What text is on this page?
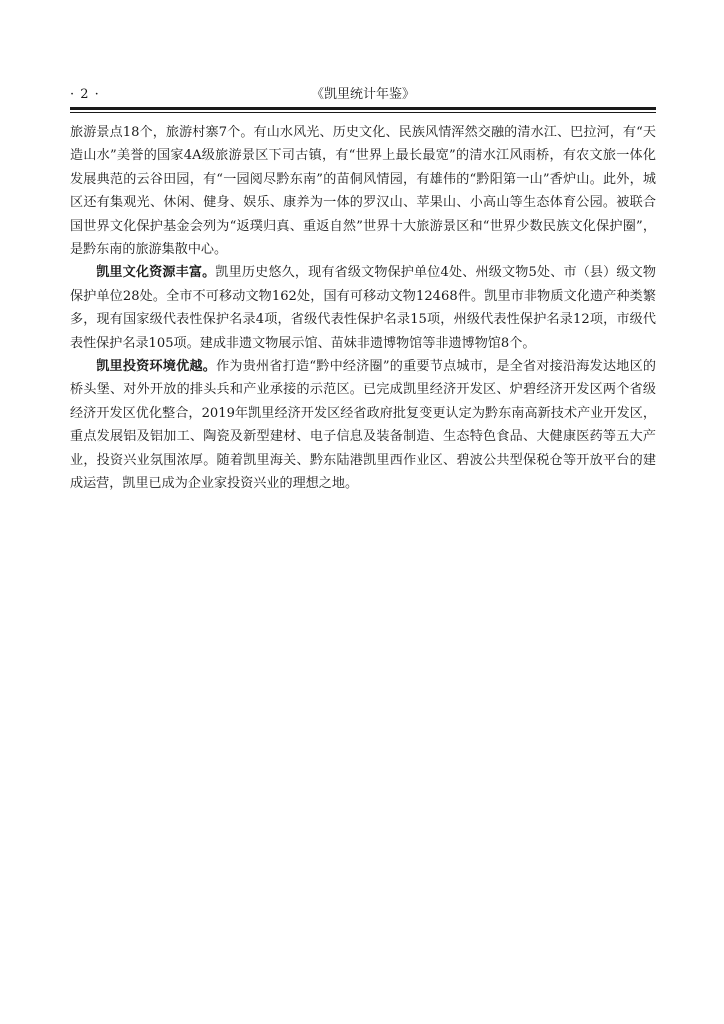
· 2 ·	《凯里统计年鉴》

旅游景点18个，旅游村寨7个。有山水风光、历史文化、民族风情浑然交融的清水江、巴拉河，有“天造山水”美誉的国家4A级旅游景区下司古镇，有“世界上最长最宽”的清水江风雨桥，有农文旅一体化发展典范的云谷田园，有“一园阅尽黔东南”的苗侗风情园，有雄伟的“黔阳第一山”香炉山。此外，城区还有集观光、休闲、健身、娱乐、康养为一体的罗汉山、苹果山、小高山等生态体育公园。被联合国世界文化保护基金会列为“返璞归真、重返自然”世界十大旅游景区和“世界少数民族文化保护圈”，是黔东南的旅游集散中心。

凯里文化资源丰富。凯里历史悠久，现有省级文物保护单位4处、州级文物5处、市（县）级文物保护单位28处。全市不可移动文物162处，国有可移动文物12468件。凯里市非物质文化遗产种类繁多，现有国家级代表性保护名录4项，省级代表性保护名录15项，州级代表性保护名录12项，市级代表性保护名录105项。建成非遗文物展示馆、苗妹非遗博物馆等非遗博物馆8个。

凯里投资环境优越。作为贵州省打造“黔中经济圈”的重要节点城市，是全省对接沿海发达地区的桥头堡、对外开放的排头兵和产业承接的示范区。已完成凯里经济开发区、炉碧经济开发区两个省级经济开发区优化整合，2019年凯里经济开发区经省政府批复变更认定为黔东南高新技术产业开发区，重点发展铝及铝加工、陶瓷及新型建材、电子信息及装备制造、生态特色食品、大健康医药等五大产业，投资兴业氛围浓厚。随着凯里海关、黔东陆港凯里西作业区、碧波公共型保税仓等开放平台的建成运营，凯里已成为企业家投资兴业的理想之地。
